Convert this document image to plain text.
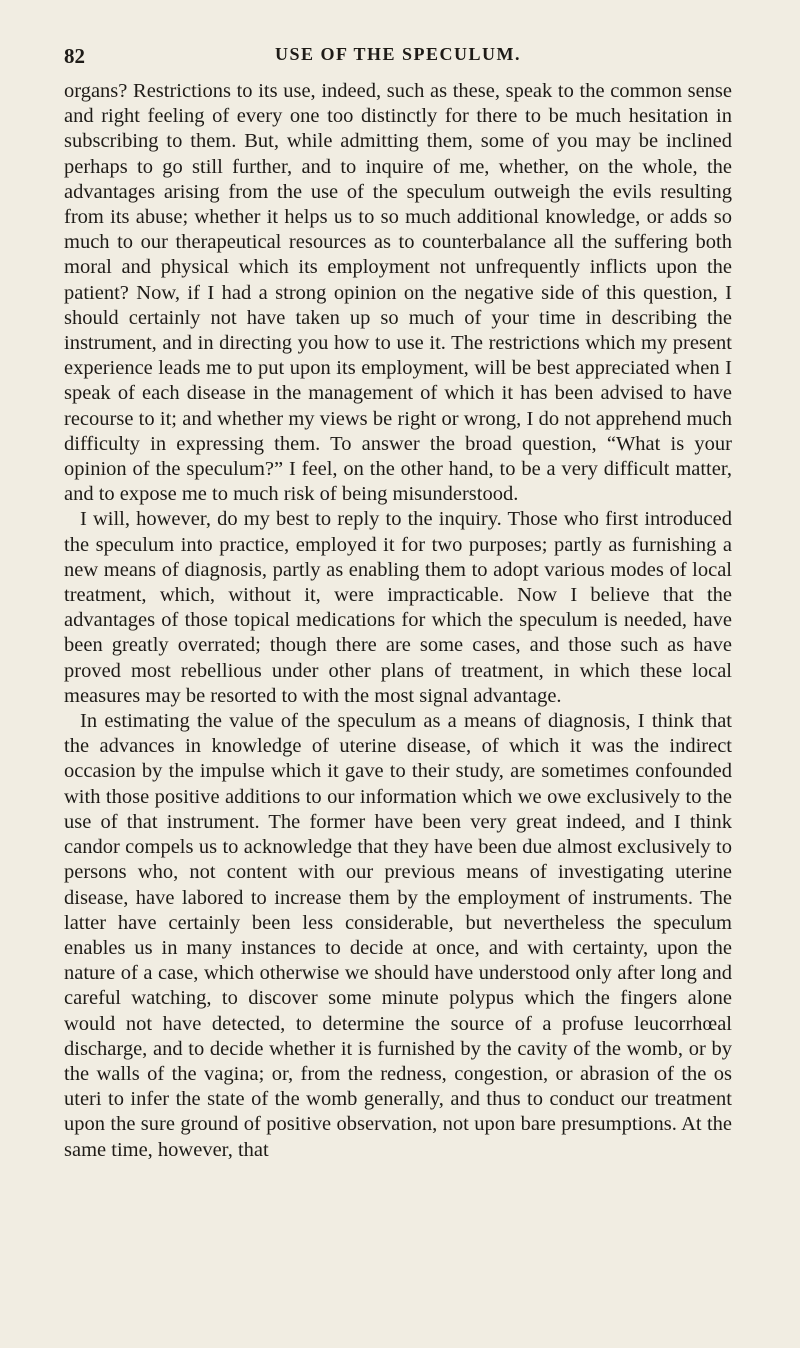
82	USE OF THE SPECULUM.

organs? Restrictions to its use, indeed, such as these, speak to the common sense and right feeling of every one too distinctly for there to be much hesitation in subscribing to them. But, while admitting them, some of you may be inclined perhaps to go still further, and to inquire of me, whether, on the whole, the advantages arising from the use of the speculum outweigh the evils resulting from its abuse; whether it helps us to so much additional knowledge, or adds so much to our therapeutical resources as to counterbalance all the suffering both moral and physical which its employment not unfrequently inflicts upon the patient? Now, if I had a strong opinion on the negative side of this question, I should certainly not have taken up so much of your time in describing the instrument, and in directing you how to use it. The restrictions which my present experience leads me to put upon its employment, will be best appreciated when I speak of each disease in the management of which it has been advised to have recourse to it; and whether my views be right or wrong, I do not apprehend much difficulty in expressing them. To answer the broad question, “What is your opinion of the speculum?” I feel, on the other hand, to be a very difficult matter, and to expose me to much risk of being misunderstood.

I will, however, do my best to reply to the inquiry. Those who first introduced the speculum into practice, employed it for two purposes; partly as furnishing a new means of diagnosis, partly as enabling them to adopt various modes of local treatment, which, without it, were impracticable. Now I believe that the advantages of those topical medications for which the speculum is needed, have been greatly overrated; though there are some cases, and those such as have proved most rebellious under other plans of treatment, in which these local measures may be resorted to with the most signal advantage.

In estimating the value of the speculum as a means of diagnosis, I think that the advances in knowledge of uterine disease, of which it was the indirect occasion by the impulse which it gave to their study, are sometimes confounded with those positive additions to our information which we owe exclusively to the use of that instrument. The former have been very great indeed, and I think candor compels us to acknowledge that they have been due almost exclusively to persons who, not content with our previous means of investigating uterine disease, have labored to increase them by the employment of instruments. The latter have certainly been less considerable, but nevertheless the speculum enables us in many instances to decide at once, and with certainty, upon the nature of a case, which otherwise we should have understood only after long and careful watching, to discover some minute polypus which the fingers alone would not have detected, to determine the source of a profuse leucorrhœal discharge, and to decide whether it is furnished by the cavity of the womb, or by the walls of the vagina; or, from the redness, congestion, or abrasion of the os uteri to infer the state of the womb generally, and thus to conduct our treatment upon the sure ground of positive observation, not upon bare presumptions. At the same time, however, that
